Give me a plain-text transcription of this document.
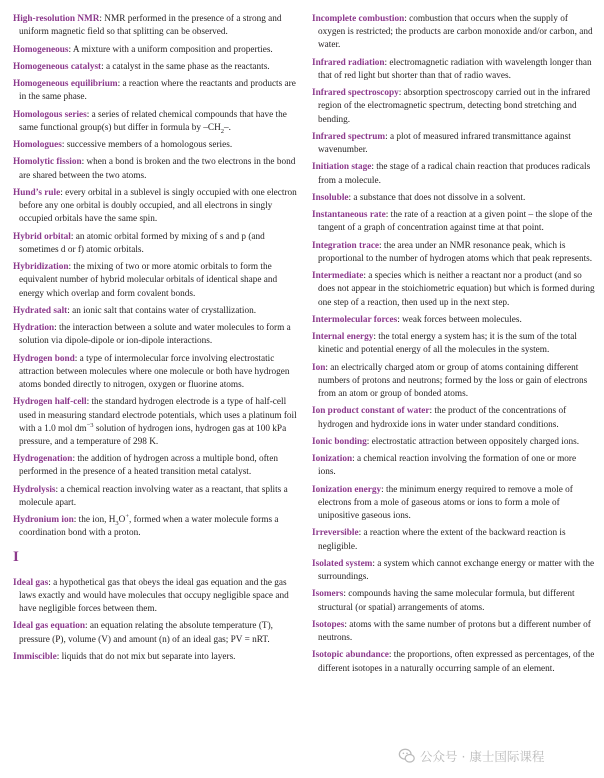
High-resolution NMR: NMR performed in the presence of a strong and uniform magnetic field so that splitting can be observed.

Homogeneous: A mixture with a uniform composition and properties.

Homogeneous catalyst: a catalyst in the same phase as the reactants.

Homogeneous equilibrium: a reaction where the reactants and products are in the same phase.

Homologous series: a series of related chemical compounds that have the same functional group(s) but differ in formula by $-CH_2-$.

Homologues: successive members of a homologous series.

Homolytic fission: when a bond is broken and the two electrons in the bond are shared between the two atoms.

Hund’s rule: every orbital in a sublevel is singly occupied with one electron before any one orbital is doubly occupied, and all electrons in singly occupied orbitals have the same spin.

Hybrid orbital: an atomic orbital formed by mixing of s and p (and sometimes d or f) atomic orbitals.

Hybridization: the mixing of two or more atomic orbitals to form the equivalent number of hybrid molecular orbitals of identical shape and energy which overlap and form covalent bonds.

Hydrated salt: an ionic salt that contains water of crystallization.

Hydration: the interaction between a solute and water molecules to form a solution via dipole-dipole or ion-dipole interactions.

Hydrogen bond: a type of intermolecular force involving electrostatic attraction between molecules where one molecule or both have hydrogen atoms bonded directly to nitrogen, oxygen or fluorine atoms.

Hydrogen half-cell: the standard hydrogen electrode is a type of half-cell used in measuring standard electrode potentials, which uses a platinum foil with a 1.0 mol $dm^{-3}$ solution of hydrogen ions, hydrogen gas at 100 kPa pressure, and a temperature of 298 K.

Hydrogenation: the addition of hydrogen across a multiple bond, often performed in the presence of a heated transition metal catalyst.

Hydrolysis: a chemical reaction involving water as a reactant, that splits a molecule apart.

Hydronium ion: the ion, $H_3O^+$, formed when a water molecule forms a coordination bond with a proton.

I

Ideal gas: a hypothetical gas that obeys the ideal gas equation and the gas laws exactly and would have molecules that occupy negligible space and have negligible forces between them.

Ideal gas equation: an equation relating the absolute temperature (T), pressure (P), volume (V) and amount (n) of an ideal gas; PV = nRT.

Immiscible: liquids that do not mix but separate into layers.

Incomplete combustion: combustion that occurs when the supply of oxygen is restricted; the products are carbon monoxide and/or carbon, and water.

Infrared radiation: electromagnetic radiation with wavelength longer than that of red light but shorter than that of radio waves.

Infrared spectroscopy: absorption spectroscopy carried out in the infrared region of the electromagnetic spectrum, detecting bond stretching and bending.

Infrared spectrum: a plot of measured infrared transmittance against wavenumber.

Initiation stage: the stage of a radical chain reaction that produces radicals from a molecule.

Insoluble: a substance that does not dissolve in a solvent.

Instantaneous rate: the rate of a reaction at a given point – the slope of the tangent of a graph of concentration against time at that point.

Integration trace: the area under an NMR resonance peak, which is proportional to the number of hydrogen atoms which that peak represents.

Intermediate: a species which is neither a reactant nor a product (and so does not appear in the stoichiometric equation) but which is formed during one step of a reaction, then used up in the next step.

Intermolecular forces: weak forces between molecules.

Internal energy: the total energy a system has; it is the sum of the total kinetic and potential energy of all the molecules in the system.

Ion: an electrically charged atom or group of atoms containing different numbers of protons and neutrons; formed by the loss or gain of electrons from an atom or group of bonded atoms.

Ion product constant of water: the product of the concentrations of hydrogen and hydroxide ions in water under standard conditions.

Ionic bonding: electrostatic attraction between oppositely charged ions.

Ionization: a chemical reaction involving the formation of one or more ions.

Ionization energy: the minimum energy required to remove a mole of electrons from a mole of gaseous atoms or ions to form a mole of unipositive gaseous ions.

Irreversible: a reaction where the extent of the backward reaction is negligible.

Isolated system: a system which cannot exchange energy or matter with the surroundings.

Isomers: compounds having the same molecular formula, but different structural (or spatial) arrangements of atoms.

Isotopes: atoms with the same number of protons but a different number of neutrons.

Isotopic abundance: the proportions, often expressed as percentages, of the different isotopes in a naturally occurring sample of an element.

公众号 · 康士国际课程
